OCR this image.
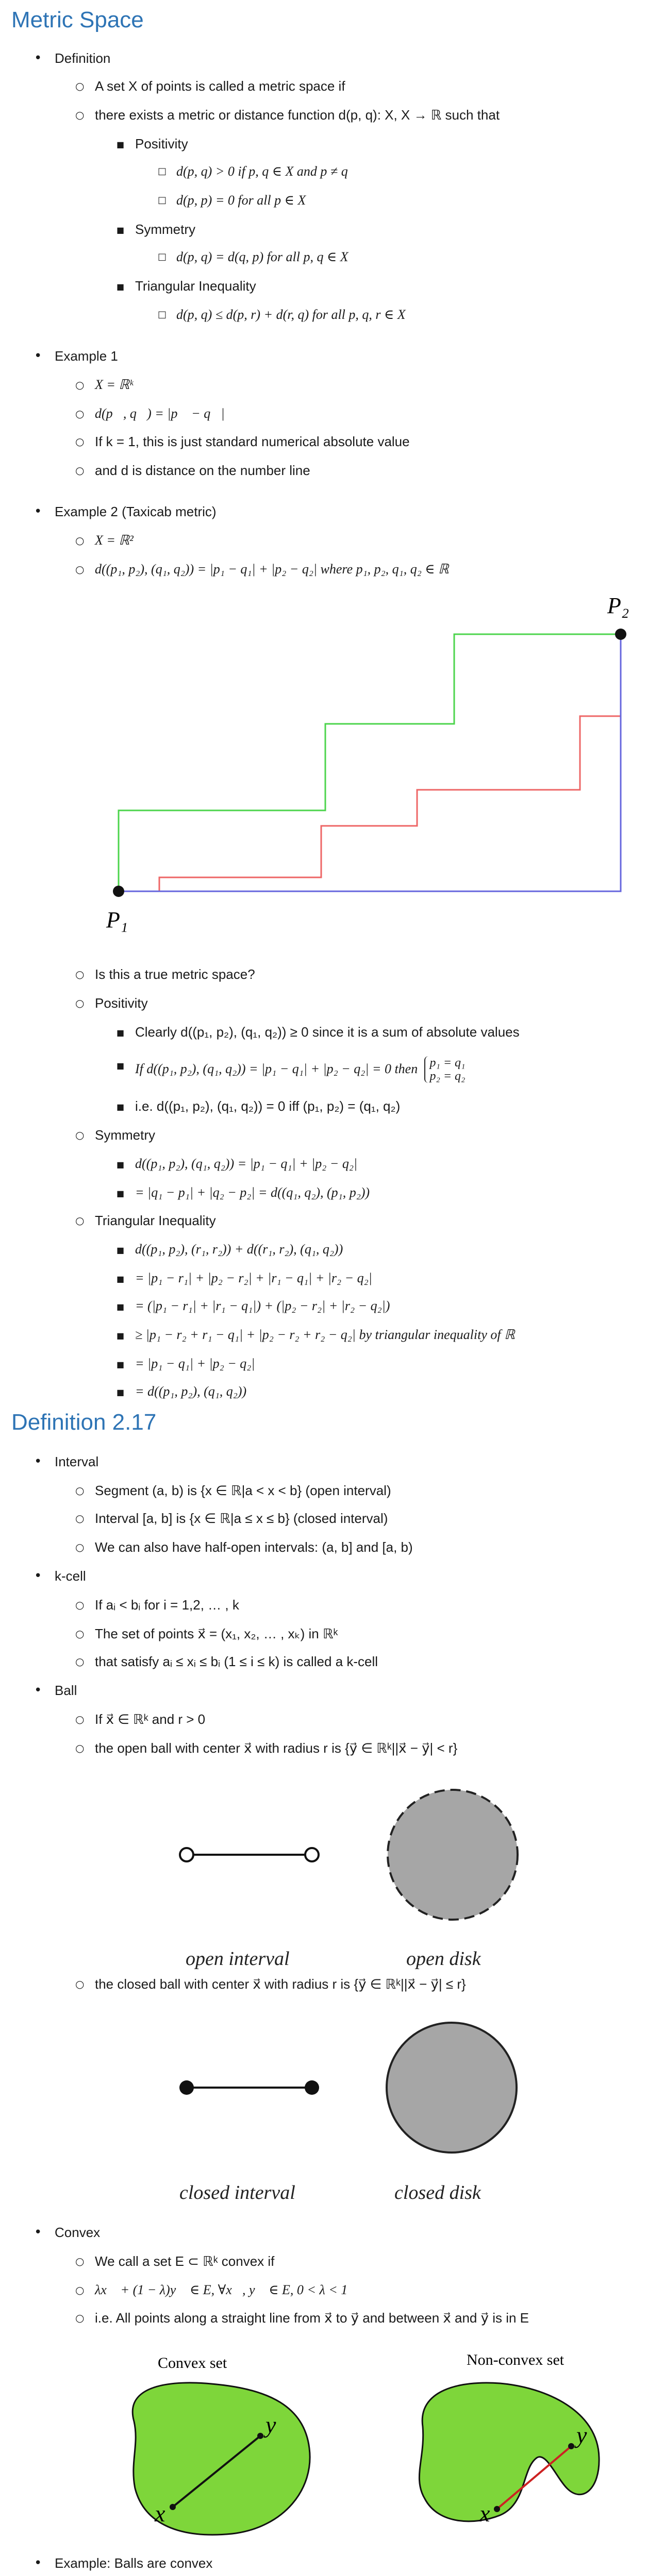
Metric Space
• Definition
○ A set X of points is called a metric space if
○ there exists a metric or distance function d(p, q): X, X → ℝ such that
■ Positivity
□ d(p, q) > 0 if p, q ∈ X and p ≠ q
□ d(p, p) = 0 for all p ∈ X
■ Symmetry
□ d(p, q) = d(q, p) for all p, q ∈ X
■ Triangular Inequality
□ d(p, q) ≤ d(p, r) + d(r, q) for all p, q, r ∈ X
• Example 1
○ X = ℝᵏ
○ d(p⃗, q⃗) = |p⃗ − q⃗|
○ If k = 1, this is just standard numerical absolute value
○ and d is distance on the number line
• Example 2 (Taxicab metric)
○ X = ℝ²
○ d((p₁, p₂), (q₁, q₂)) = |p₁ − q₁| + |p₂ − q₂| where p₁, p₂, q₁, q₂ ∈ ℝ
P₁
P₂
○ Is this a true metric space?
○ Positivity
■ Clearly d((p₁, p₂), (q₁, q₂)) ≥ 0 since it is a sum of absolute values
■ If d((p₁, p₂), (q₁, q₂)) = |p₁ − q₁| + |p₂ − q₂| = 0 then p₁ = q₁
p₂ = q₂
■ i.e. d((p₁, p₂), (q₁, q₂)) = 0 iff (p₁, p₂) = (q₁, q₂)
○ Symmetry
■ d((p₁, p₂), (q₁, q₂)) = |p₁ − q₁| + |p₂ − q₂|
■ = |q₁ − p₁| + |q₂ − p₂| = d((q₁, q₂), (p₁, p₂))
○ Triangular Inequality
■ d((p₁, p₂), (r₁, r₂)) + d((r₁, r₂), (q₁, q₂))
■ = |p₁ − r₁| + |p₂ − r₂| + |r₁ − q₁| + |r₂ − q₂|
■ = (|p₁ − r₁| + |r₁ − q₁|) + (|p₂ − r₂| + |r₂ − q₂|)
■ ≥ |p₁ − r₂ + r₁ − q₁| + |p₂ − r₂ + r₂ − q₂| by triangular inequality of ℝ
■ = |p₁ − q₁| + |p₂ − q₂|
■ = d((p₁, p₂), (q₁, q₂))
Definition 2.17
• Interval
○ Segment (a, b) is {x ∈ ℝ|a < x < b} (open interval)
○ Interval [a, b] is {x ∈ ℝ|a ≤ x ≤ b} (closed interval)
○ We can also have half-open intervals: (a, b] and [a, b)
• k-cell
○ If aᵢ < bᵢ for i = 1,2, … , k
○ The set of points x⃗ = (x₁, x₂, … , xₖ) in ℝᵏ
○ that satisfy aᵢ ≤ xᵢ ≤ bᵢ (1 ≤ i ≤ k) is called a k-cell
• Ball
○ If x⃗ ∈ ℝᵏ and r > 0
○ the open ball with center x⃗ with radius r is {y⃗ ∈ ℝᵏ||x⃗ − y⃗| < r}
open interval	open disk
○ the closed ball with center x⃗ with radius r is {y⃗ ∈ ℝᵏ||x⃗ − y⃗| ≤ r}
closed interval	closed disk
• Convex
○ We call a set E ⊂ ℝᵏ convex if
○ λx⃗ + (1 − λ)y⃗ ∈ E, ∀x⃗, y⃗ ∈ E, 0 < λ < 1
○ i.e. All points along a straight line from x⃗ to y⃗ and between x⃗ and y⃗ is in E
Convex set
x
y
Non-convex set
x
y
• Example: Balls are convex
